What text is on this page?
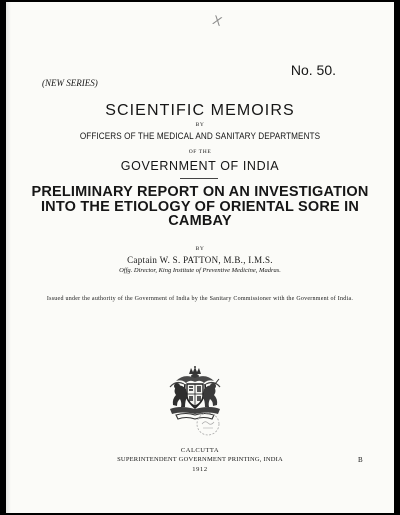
X
(NEW SERIES)
No. 50.
SCIENTIFIC MEMOIRS
BY
OFFICERS OF THE MEDICAL AND SANITARY DEPARTMENTS
OF THE
GOVERNMENT OF INDIA
PRELIMINARY REPORT ON AN INVESTIGATION INTO THE ETIOLOGY OF ORIENTAL SORE IN CAMBAY
BY
Captain W. S. PATTON, M.B., I.M.S.
Offg. Director, King Institute of Preventive Medicine, Madras.
Issued under the authority of the Government of India by the Sanitary Commissioner with the Government of India.
CALCUTTA
SUPERINTENDENT GOVERNMENT PRINTING, INDIA
1912
B
